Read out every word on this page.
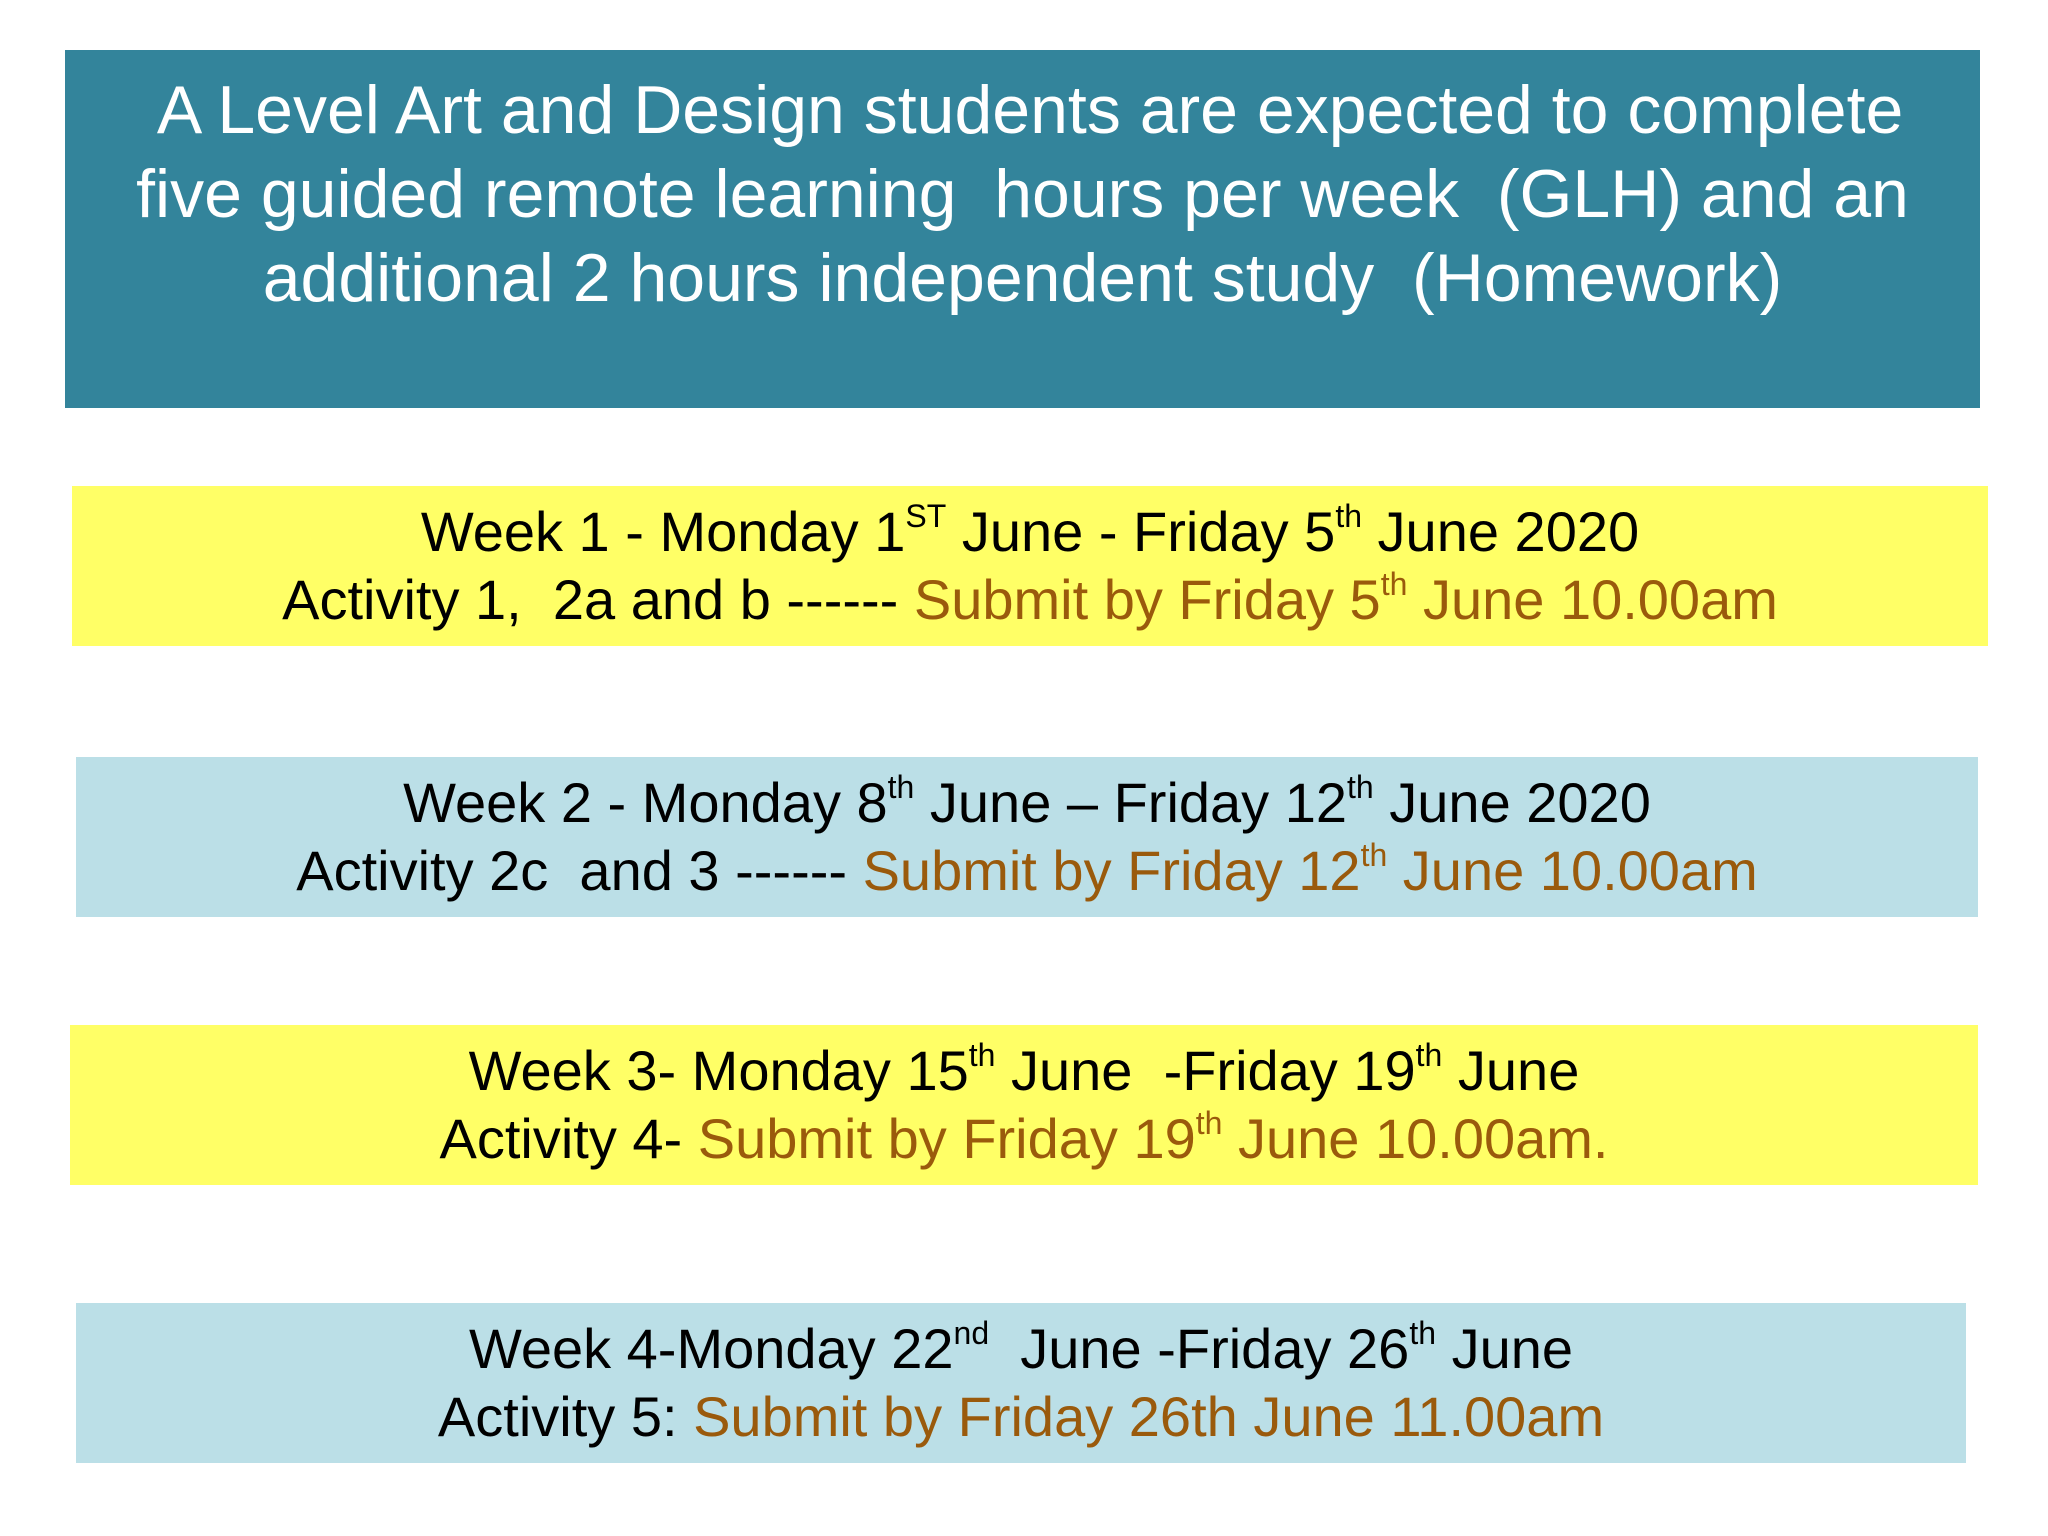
A Level Art and Design students are expected to complete
five guided remote learning  hours per week  (GLH) and an
additional 2 hours independent study  (Homework)
Week 1 - Monday 1ST June - Friday 5th June 2020
Activity 1,  2a and b ------ Submit by Friday 5th June 10.00am
Week 2 - Monday 8th June – Friday 12th June 2020
Activity 2c  and 3 ------ Submit by Friday 12th June 10.00am
Week 3- Monday 15th June  -Friday 19th June
Activity 4- Submit by Friday 19th June 10.00am.
Week 4-Monday 22nd  June -Friday 26th June
Activity 5: Submit by Friday 26th June 11.00am
